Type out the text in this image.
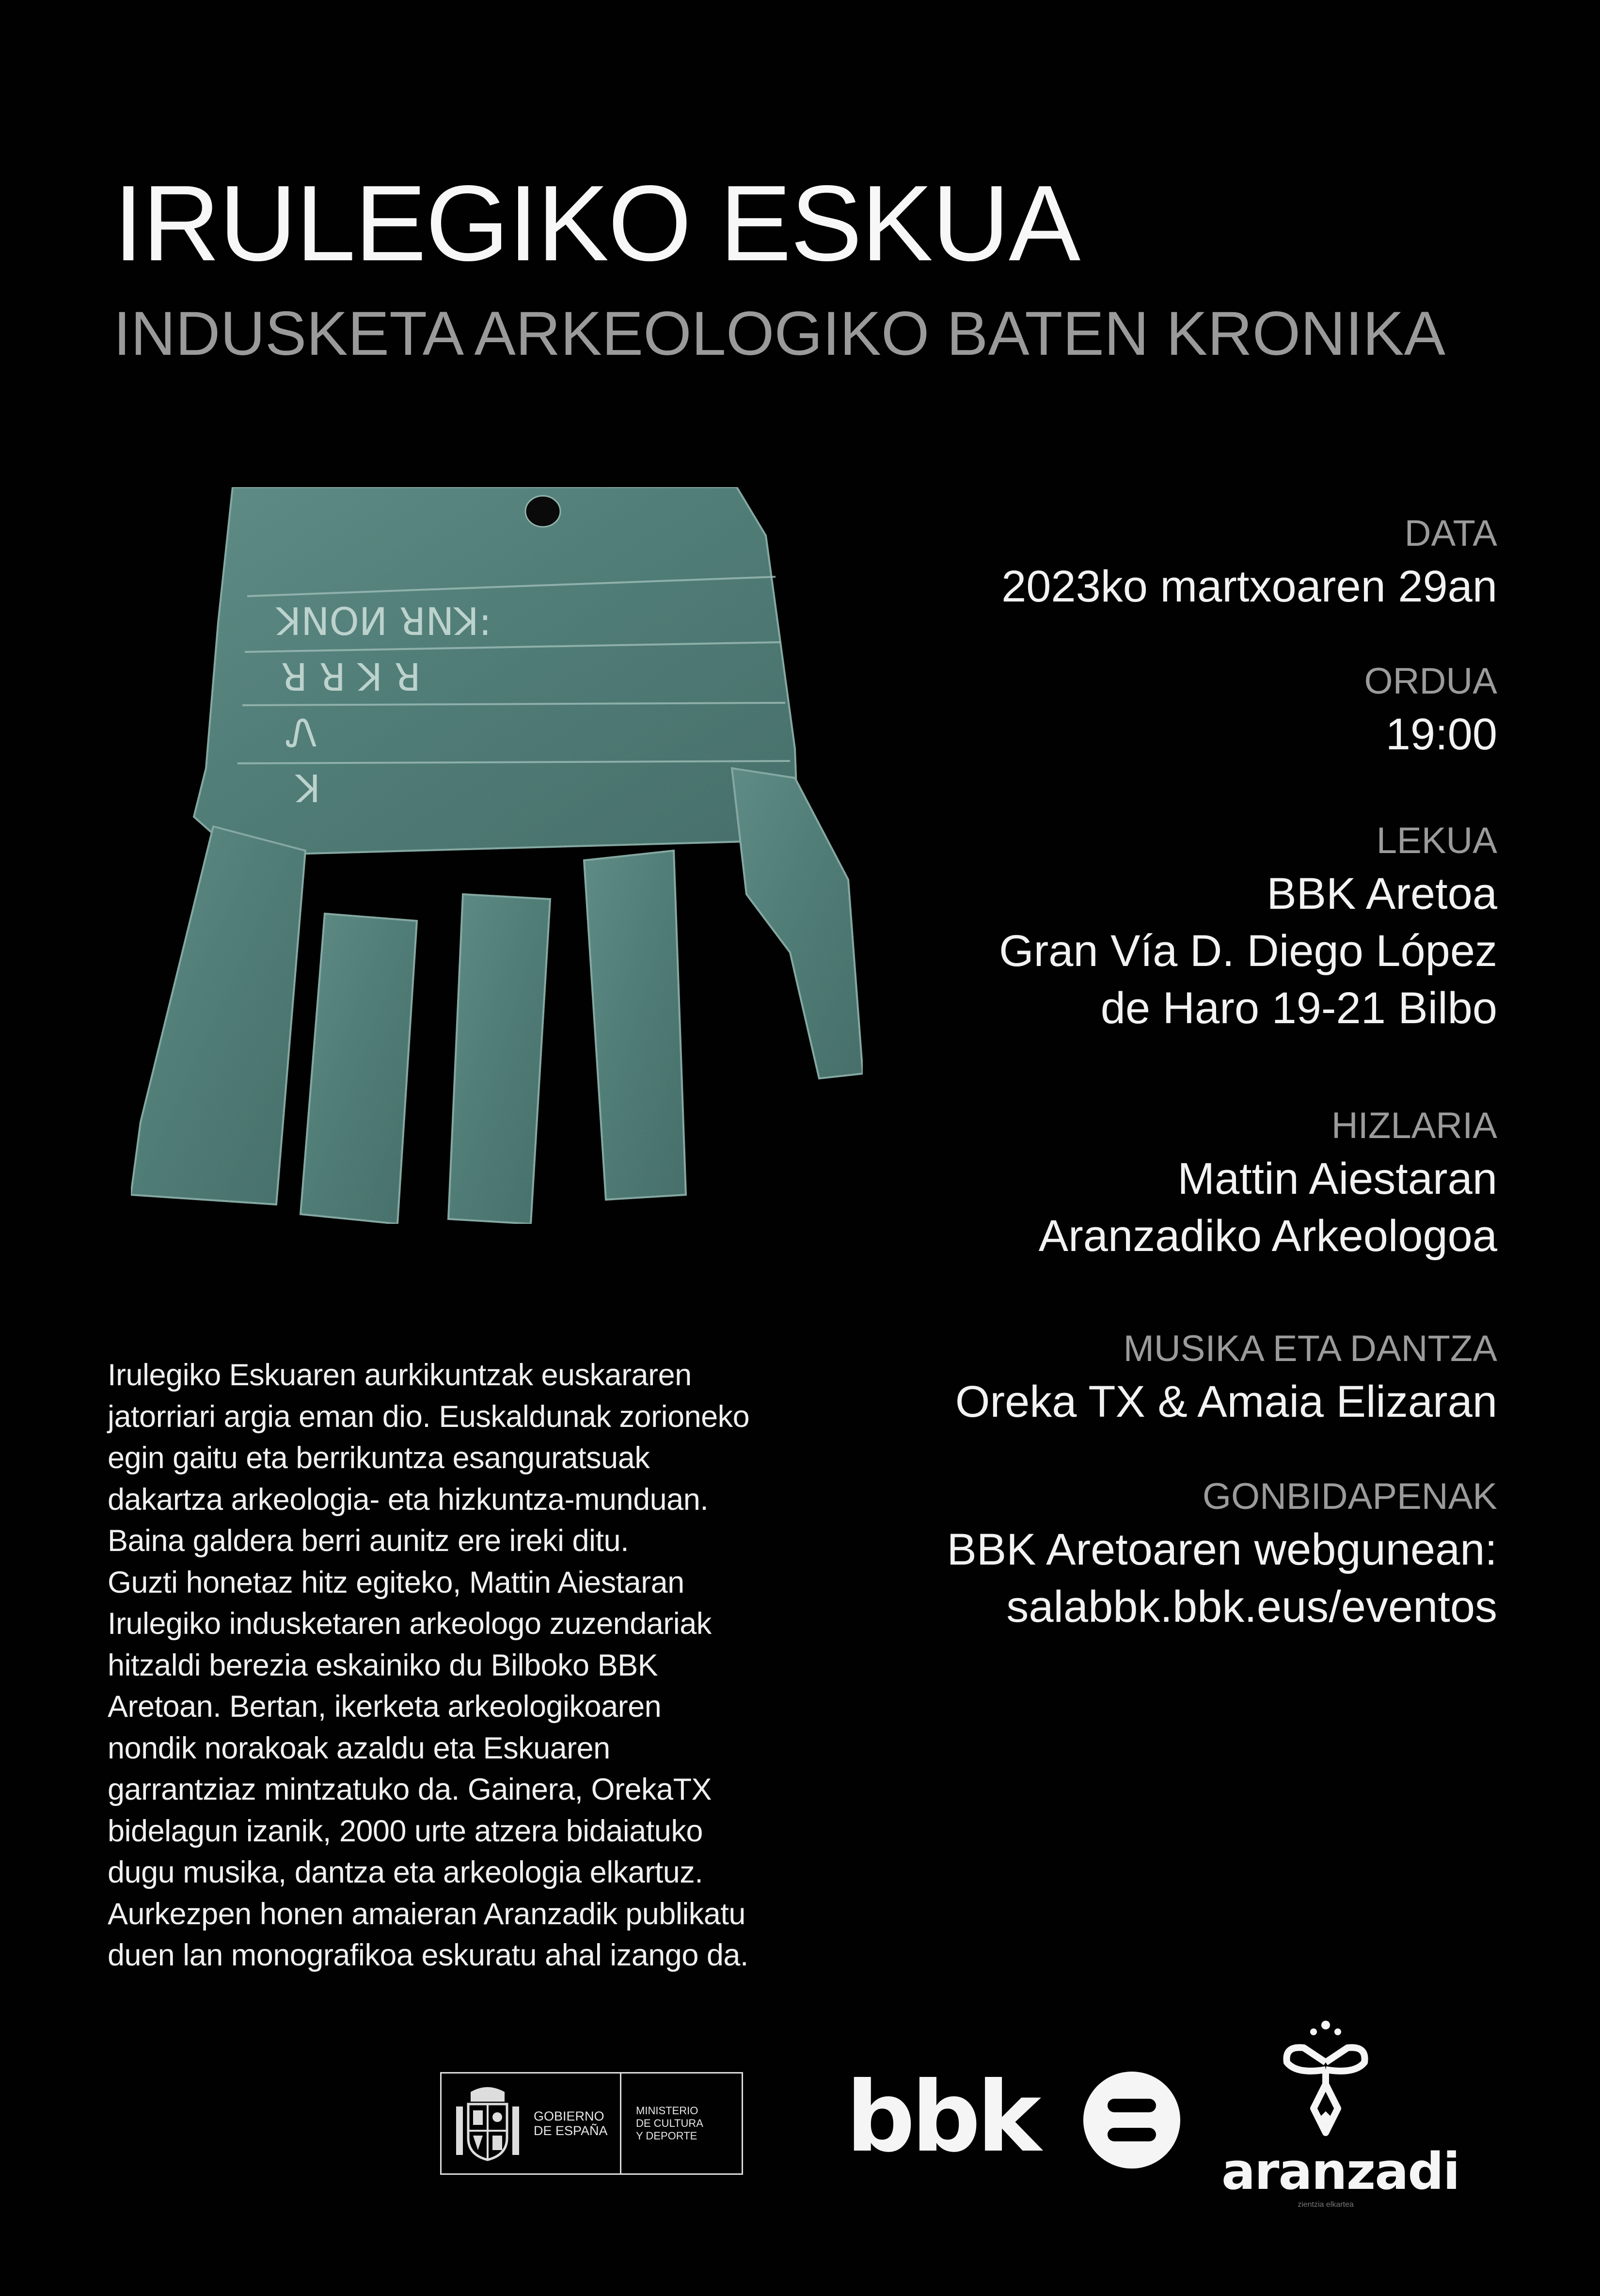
IRULEGIKO ESKUA
INDUSKETA ARKEOLOGIKO BATEN KRONIKA
ꓘNOИ ꓤNꓘ:
ꓤ ꓤ ꓘ ꓤ
Ꮑ
ꓘ
DATA
2023ko martxoaren 29an
ORDUA
19:00
LEKUA
BBK Aretoa
Gran Vía D. Diego López
de Haro 19-21 Bilbo
HIZLARIA
Mattin Aiestaran
Aranzadiko Arkeologoa
MUSIKA ETA DANTZA
Oreka TX & Amaia Elizaran
GONBIDAPENAK
BBK Aretoaren webgunean:
salabbk.bbk.eus/eventos

Irulegiko Eskuaren aurkikuntzak euskararen

jatorriari argia eman dio. Euskaldunak zorioneko

egin gaitu eta berrikuntza esanguratsuak

dakartza arkeologia- eta hizkuntza-munduan.

Baina galdera berri aunitz ere ireki ditu.

Guzti honetaz hitz egiteko, Mattin Aiestaran

Irulegiko indusketaren arkeologo zuzendariak

hitzaldi berezia eskainiko du Bilboko BBK

Aretoan. Bertan, ikerketa arkeologikoaren

nondik norakoak azaldu eta Eskuaren

garrantziaz mintzatuko da. Gainera, OrekaTX

bidelagun izanik, 2000 urte atzera bidaiatuko

dugu musika, dantza eta arkeologia elkartuz.

Aurkezpen honen amaieran Aranzadik publikatu

duen lan monografikoa eskuratu ahal izango da.

GOBIERNO
DE ESPAÑA
MINISTERIO
DE CULTURA
Y DEPORTE bbk	aranzadi
zientzia elkartea
